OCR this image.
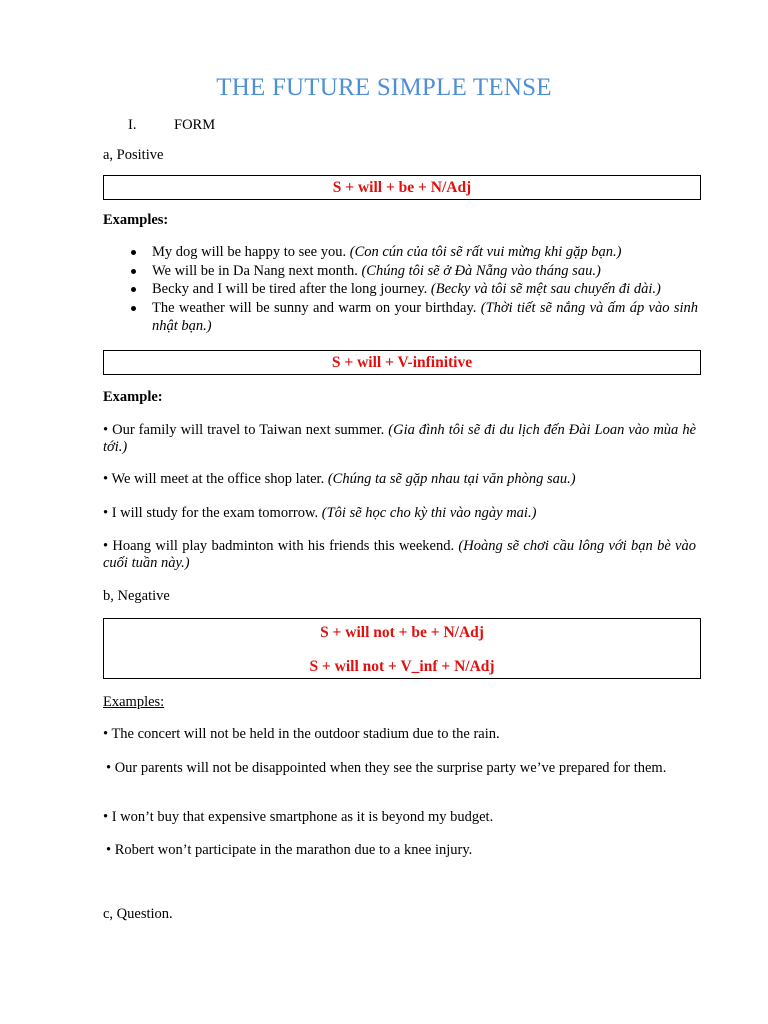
THE FUTURE SIMPLE TENSE
I.	FORM
a, Positive
S + will + be + N/Adj
Examples:
My dog will be happy to see you. (Con cún của tôi sẽ rất vui mừng khi gặp bạn.)
We will be in Da Nang next month. (Chúng tôi sẽ ở Đà Nẵng vào tháng sau.)
Becky and I will be tired after the long journey. (Becky và tôi sẽ mệt sau chuyến đi dài.)
The weather will be sunny and warm on your birthday. (Thời tiết sẽ nắng và ấm áp vào sinh nhật bạn.)
S + will + V-infinitive
Example:
• Our family will travel to Taiwan next summer. (Gia đình tôi sẽ đi du lịch đến Đài Loan vào mùa hè tới.)
• We will meet at the office shop later. (Chúng ta sẽ gặp nhau tại văn phòng sau.)
• I will study for the exam tomorrow. (Tôi sẽ học cho kỳ thi vào ngày mai.)
• Hoang will play badminton with his friends this weekend. (Hoàng sẽ chơi cầu lông với bạn bè vào cuối tuần này.)
b, Negative
S + will not + be + N/Adj
S + will not + V_inf + N/Adj
Examples:
• The concert will not be held in the outdoor stadium due to the rain.
• Our parents will not be disappointed when they see the surprise party we’ve prepared for them.
• I won’t buy that expensive smartphone as it is beyond my budget.
• Robert won’t participate in the marathon due to a knee injury.
c, Question.
